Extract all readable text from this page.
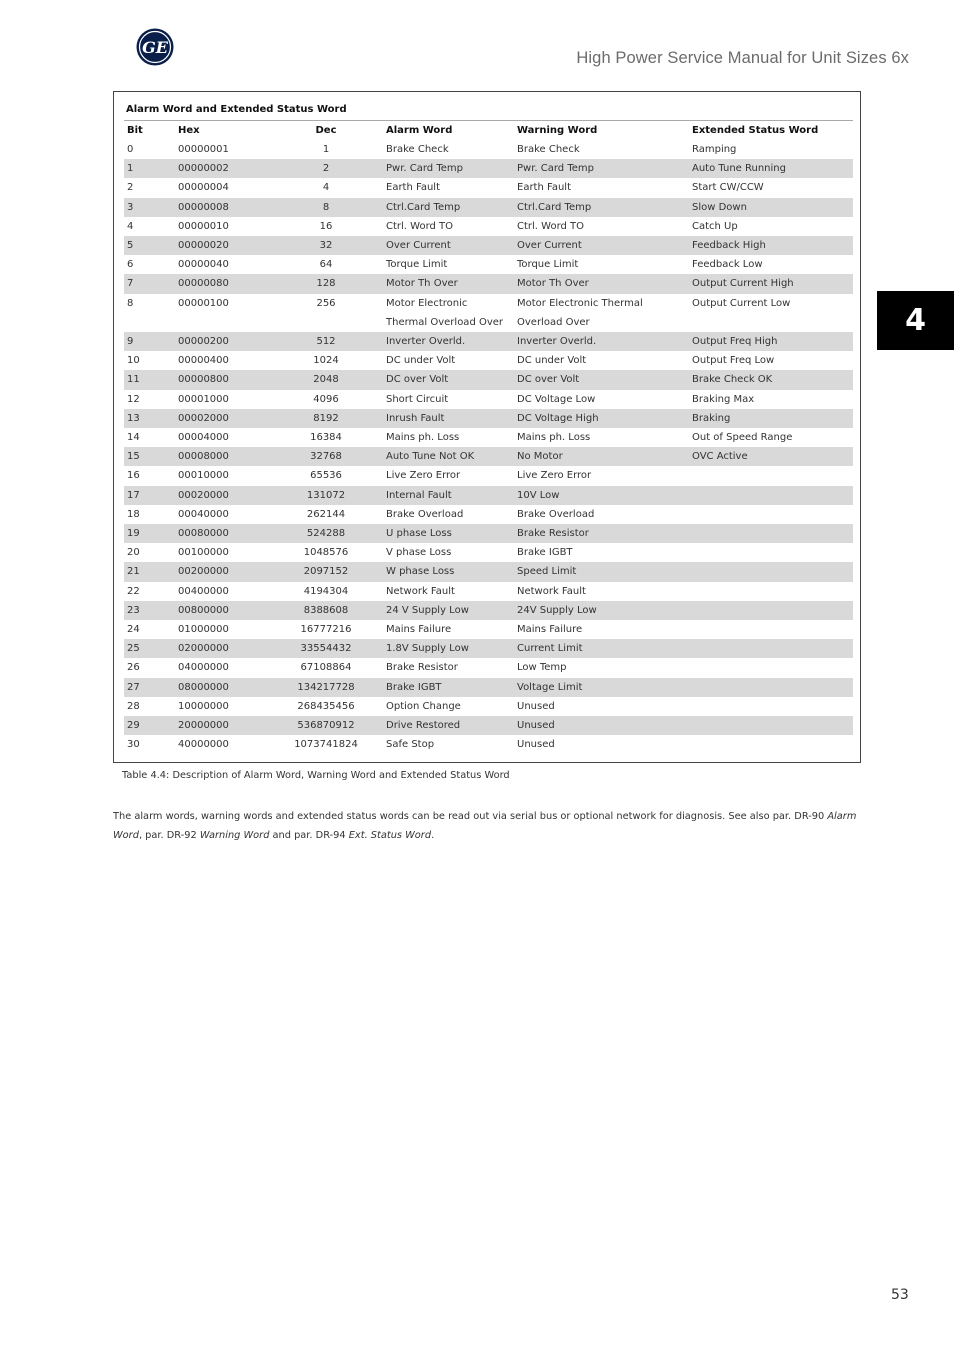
GE
High Power Service Manual for Unit Sizes 6x
4
Alarm Word and Extended Status Word
Bit	Hex	Dec	Alarm Word	Warning Word	Extended Status Word
0	00000001	1	Brake Check	Brake Check	Ramping
1	00000002	2	Pwr. Card Temp	Pwr. Card Temp	Auto Tune Running
2	00000004	4	Earth Fault	Earth Fault	Start CW/CCW
3	00000008	8	Ctrl.Card Temp	Ctrl.Card Temp	Slow Down
4	00000010	16	Ctrl. Word TO	Ctrl. Word TO	Catch Up
5	00000020	32	Over Current	Over Current	Feedback High
6	00000040	64	Torque Limit	Torque Limit	Feedback Low
7	00000080	128	Motor Th Over	Motor Th Over	Output Current High
8	00000100	256	Motor Electronic Thermal Overload Over	Motor Electronic Thermal Overload Over	Output Current Low
9	00000200	512	Inverter Overld.	Inverter Overld.	Output Freq High
10	00000400	1024	DC under Volt	DC under Volt	Output Freq Low
11	00000800	2048	DC over Volt	DC over Volt	Brake Check OK
12	00001000	4096	Short Circuit	DC Voltage Low	Braking Max
13	00002000	8192	Inrush Fault	DC Voltage High	Braking
14	00004000	16384	Mains ph. Loss	Mains ph. Loss	Out of Speed Range
15	00008000	32768	Auto Tune Not OK	No Motor	OVC Active
16	00010000	65536	Live Zero Error	Live Zero Error	
17	00020000	131072	Internal Fault	10V Low	
18	00040000	262144	Brake Overload	Brake Overload	
19	00080000	524288	U phase Loss	Brake Resistor	
20	00100000	1048576	V phase Loss	Brake IGBT	
21	00200000	2097152	W phase Loss	Speed Limit	
22	00400000	4194304	Network Fault	Network Fault	
23	00800000	8388608	24 V Supply Low	24V Supply Low	
24	01000000	16777216	Mains Failure	Mains Failure	
25	02000000	33554432	1.8V Supply Low	Current Limit	
26	04000000	67108864	Brake Resistor	Low Temp	
27	08000000	134217728	Brake IGBT	Voltage Limit	
28	10000000	268435456	Option Change	Unused	
29	20000000	536870912	Drive Restored	Unused	
30	40000000	1073741824	Safe Stop	Unused	
Table 4.4: Description of Alarm Word, Warning Word and Extended Status Word
The alarm words, warning words and extended status words can be read out via serial bus or optional network for diagnosis. See also par. DR-90 Alarm Word, par. DR-92 Warning Word and par. DR-94 Ext. Status Word.
53
